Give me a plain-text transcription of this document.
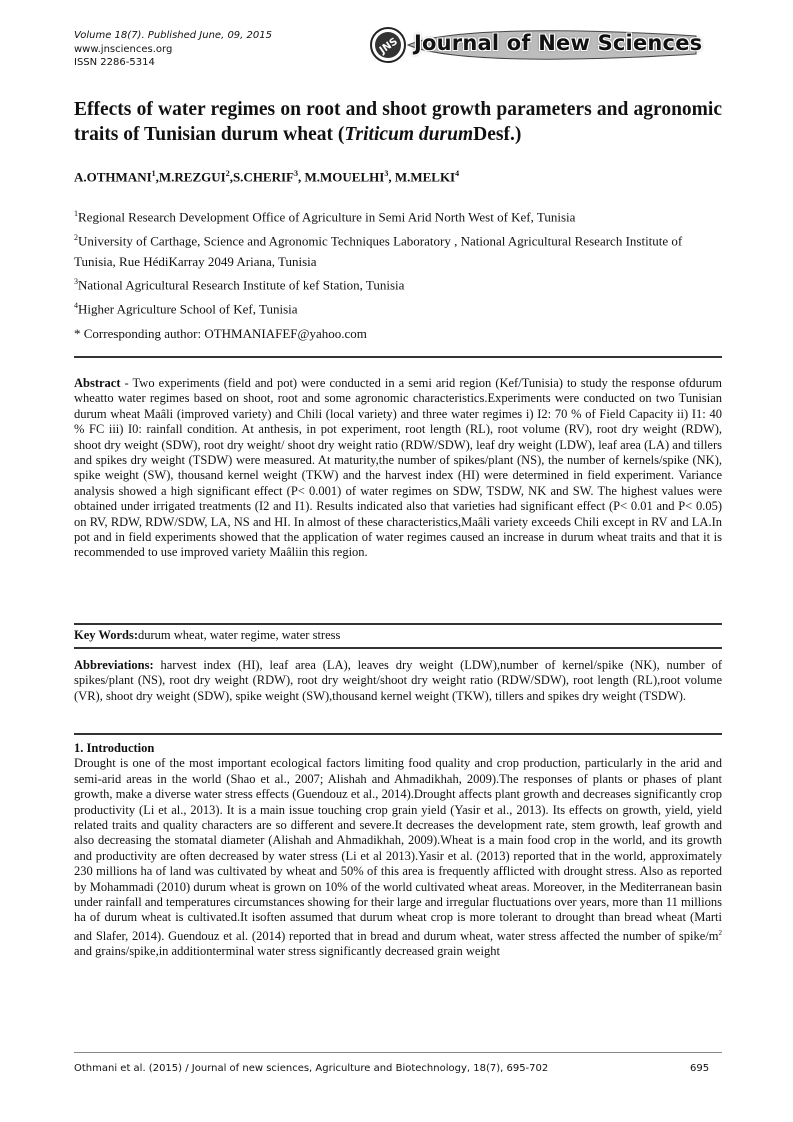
Volume 18(7). Published June, 09, 2015
www.jnsciences.org
ISSN 2286-5314
JNS Journal of New Sciences
Effects of water regimes on root and shoot growth parameters and agronomic traits of Tunisian durum wheat (Triticum durumDesf.)
A.OTHMANI$^1$,M.REZGUI$^2$,S.CHERIF$^3$, M.MOUELHI$^3$, M.MELKI$^4$

$^1$Regional Research Development Office of Agriculture in Semi Arid North West of Kef, Tunisia

$^2$University of Carthage, Science and Agronomic Techniques Laboratory , National Agricultural Research Institute of Tunisia, Rue HédiKarray 2049 Ariana, Tunisia

$^3$National Agricultural Research Institute of kef Station, Tunisia

$^4$Higher Agriculture School of Kef, Tunisia

* Corresponding author: OTHMANIAFEF@yahoo.com

Abstract - Two experiments (field and pot) were conducted in a semi arid region (Kef/Tunisia) to study the response ofdurum wheatto water regimes based on shoot, root and some agronomic characteristics.Experiments were conducted on two Tunisian durum wheat Maâli (improved variety) and Chili (local variety) and three water regimes i) I2: 70 % of Field Capacity ii) I1: 40 % FC iii) I0: rainfall condition. At anthesis, in pot experiment, root length (RL), root volume (RV), root dry weight (RDW), shoot dry weight (SDW), root dry weight/ shoot dry weight ratio (RDW/SDW), leaf dry weight (LDW), leaf area (LA) and tillers and spikes dry weight (TSDW) were measured. At maturity,the number of spikes/plant (NS), the number of kernels/spike (NK), spike weight (SW), thousand kernel weight (TKW) and the harvest index (HI) were determined in field experiment. Variance analysis showed a high significant effect (P< 0.001) of water regimes on SDW, TSDW, NK and SW. The highest values were obtained under irrigated treatments (I2 and I1). Results indicated also that varieties had significant effect (P< 0.01 and P< 0.05) on RV, RDW, RDW/SDW, LA, NS and HI. In almost of these characteristics,Maâli variety exceeds Chili except in RV and LA.In pot and in field experiments showed that the application of water regimes caused an increase in durum wheat traits and that it is recommended to use improved variety Maâliin this region.

Key Words:durum wheat, water regime, water stress

Abbreviations: harvest index (HI), leaf area (LA), leaves dry weight (LDW),number of kernel/spike (NK), number of spikes/plant (NS), root dry weight (RDW), root dry weight/shoot dry weight ratio (RDW/SDW), root length (RL),root volume (VR), shoot dry weight (SDW), spike weight (SW),thousand kernel weight (TKW), tillers and spikes dry weight (TSDW).

1. Introduction

Drought is one of the most important ecological factors limiting food quality and crop production, particularly in the arid and semi-arid areas in the world (Shao et al., 2007; Alishah and Ahmadikhah, 2009).The responses of plants or phases of plant growth, make a diverse water stress effects (Guendouz et al., 2014).Drought affects plant growth and decreases significantly crop productivity (Li et al., 2013). It is a main issue touching crop grain yield (Yasir et al., 2013). Its effects on growth, yield, yield related traits and quality characters are so different and severe.It decreases the development rate, stem growth, leaf growth and also decreasing the stomatal diameter (Alishah and Ahmadikhah, 2009).Wheat is a main food crop in the world, and its growth and productivity are often decreased by water stress (Li et al 2013).Yasir et al. (2013) reported that in the world, approximately 230 millions ha of land was cultivated by wheat and 50% of this area is frequently afflicted with drought stress. Also as reported by Mohammadi (2010) durum wheat is grown on 10% of the world cultivated wheat areas. Moreover, in the Mediterranean basin under rainfall and temperatures circumstances showing for their large and irregular fluctuations over years, more than 11 millions ha of durum wheat is cultivated.It isoften assumed that durum wheat crop is more tolerant to drought than bread wheat (Marti and Slafer, 2014). Guendouz et al. (2014) reported that in bread and durum wheat, water stress affected the number of spike/$m^2$ and grains/spike,in additionterminal water stress significantly decreased grain weight

Othmani et al. (2015) / Journal of new sciences, Agriculture and Biotechnology, 18(7), 695-702	695
